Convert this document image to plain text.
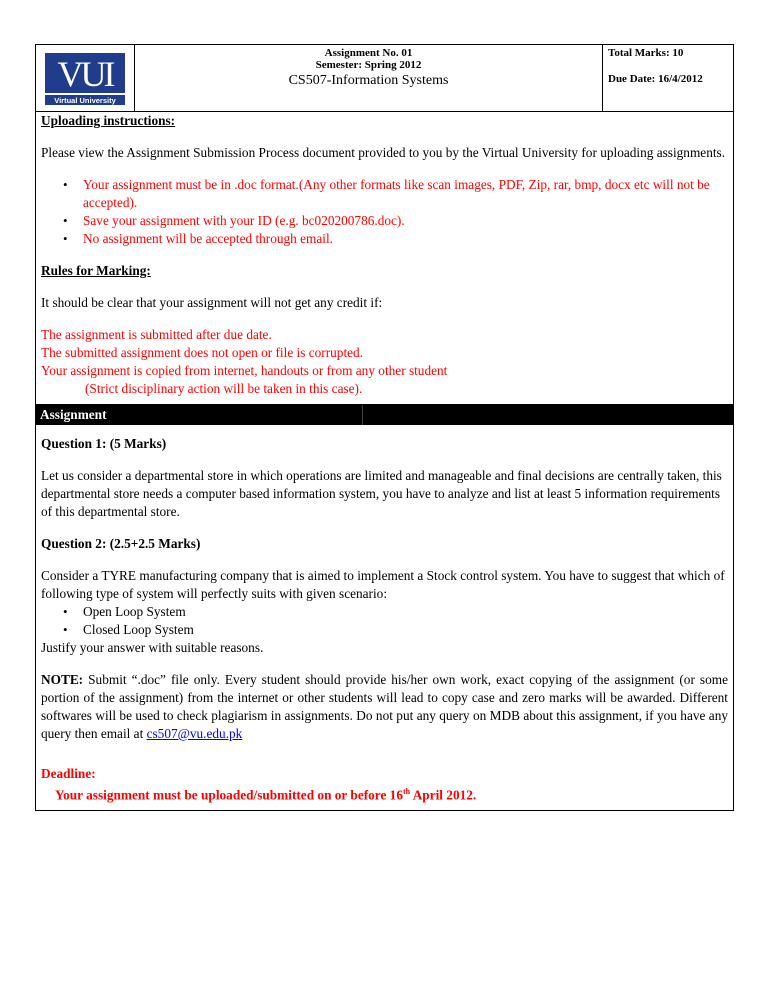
VUI
Virtual University
Assignment No. 01
Semester: Spring 2012
CS507-Information Systems
Total Marks: 10
Due Date: 16/4/2012

Uploading instructions:

Please view the Assignment Submission Process document provided to you by the Virtual University for uploading assignments.

• Your assignment must be in .doc format.(Any other formats like scan images, PDF, Zip, rar, bmp, docx etc will not be accepted).
• Save your assignment with your ID (e.g. bc020200786.doc).
• No assignment will be accepted through email.

Rules for Marking:

It should be clear that your assignment will not get any credit if:

The assignment is submitted after due date.

The submitted assignment does not open or file is corrupted.

Your assignment is copied from internet, handouts or from any other student

(Strict disciplinary action will be taken in this case).

Assignment

Question 1: (5 Marks)

Let us consider a departmental store in which operations are limited and manageable and final decisions are centrally taken, this departmental store needs a computer based information system, you have to analyze and list at least 5 information requirements of this departmental store.

Question 2: (2.5+2.5 Marks)

Consider a TYRE manufacturing company that is aimed to implement a Stock control system. You have to suggest that which of following type of system will perfectly suits with given scenario:

• Open Loop System
• Closed Loop System

Justify your answer with suitable reasons.

NOTE: Submit “.doc” file only. Every student should provide his/her own work, exact copying of the assignment (or some portion of the assignment) from the internet or other students will lead to copy case and zero marks will be awarded. Different softwares will be used to check plagiarism in assignments. Do not put any query on MDB about this assignment, if you have any query then email at cs507@vu.edu.pk

Deadline:

Your assignment must be uploaded/submitted on or before 16th April 2012.
